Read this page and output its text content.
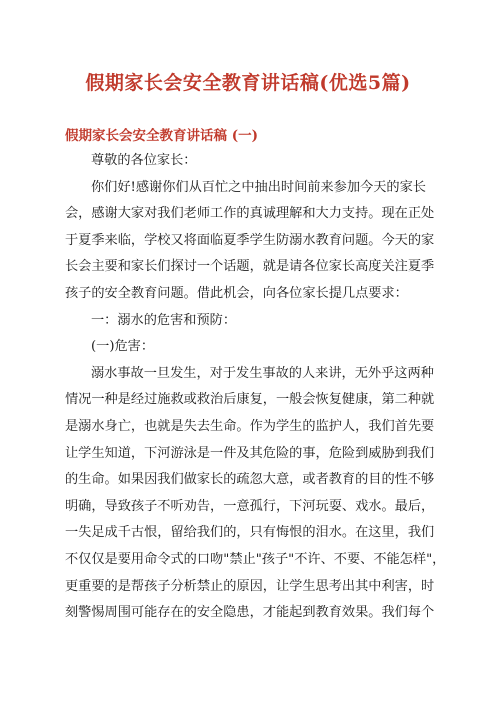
假期家长会安全教育讲话稿(优选5篇)
假期家长会安全教育讲话稿 (一)
尊敬的各位家长：
你们好!感谢你们从百忙之中抽出时间前来参加今天的家长
会，感谢大家对我们老师工作的真诚理解和大力支持。现在正处
于夏季来临，学校又将面临夏季学生防溺水教育问题。今天的家
长会主要和家长们探讨一个话题，就是请各位家长高度关注夏季
孩子的安全教育问题。借此机会，向各位家长提几点要求：
一：溺水的危害和预防：
(一)危害：
溺水事故一旦发生，对于发生事故的人来讲，无外乎这两种
情况一种是经过施救或救治后康复，一般会恢复健康，第二种就
是溺水身亡，也就是失去生命。作为学生的监护人，我们首先要
让学生知道，下河游泳是一件及其危险的事，危险到威胁到我们
的生命。如果因我们做家长的疏忽大意，或者教育的目的性不够
明确，导致孩子不听劝告，一意孤行，下河玩耍、戏水。最后，
一失足成千古恨，留给我们的，只有悔恨的泪水。在这里，我们
不仅仅是要用命令式的口吻"禁止"孩子"不许、不要、不能怎样"，
更重要的是帮孩子分析禁止的原因，让学生思考出其中利害，时
刻警惕周围可能存在的安全隐患，才能起到教育效果。我们每个
